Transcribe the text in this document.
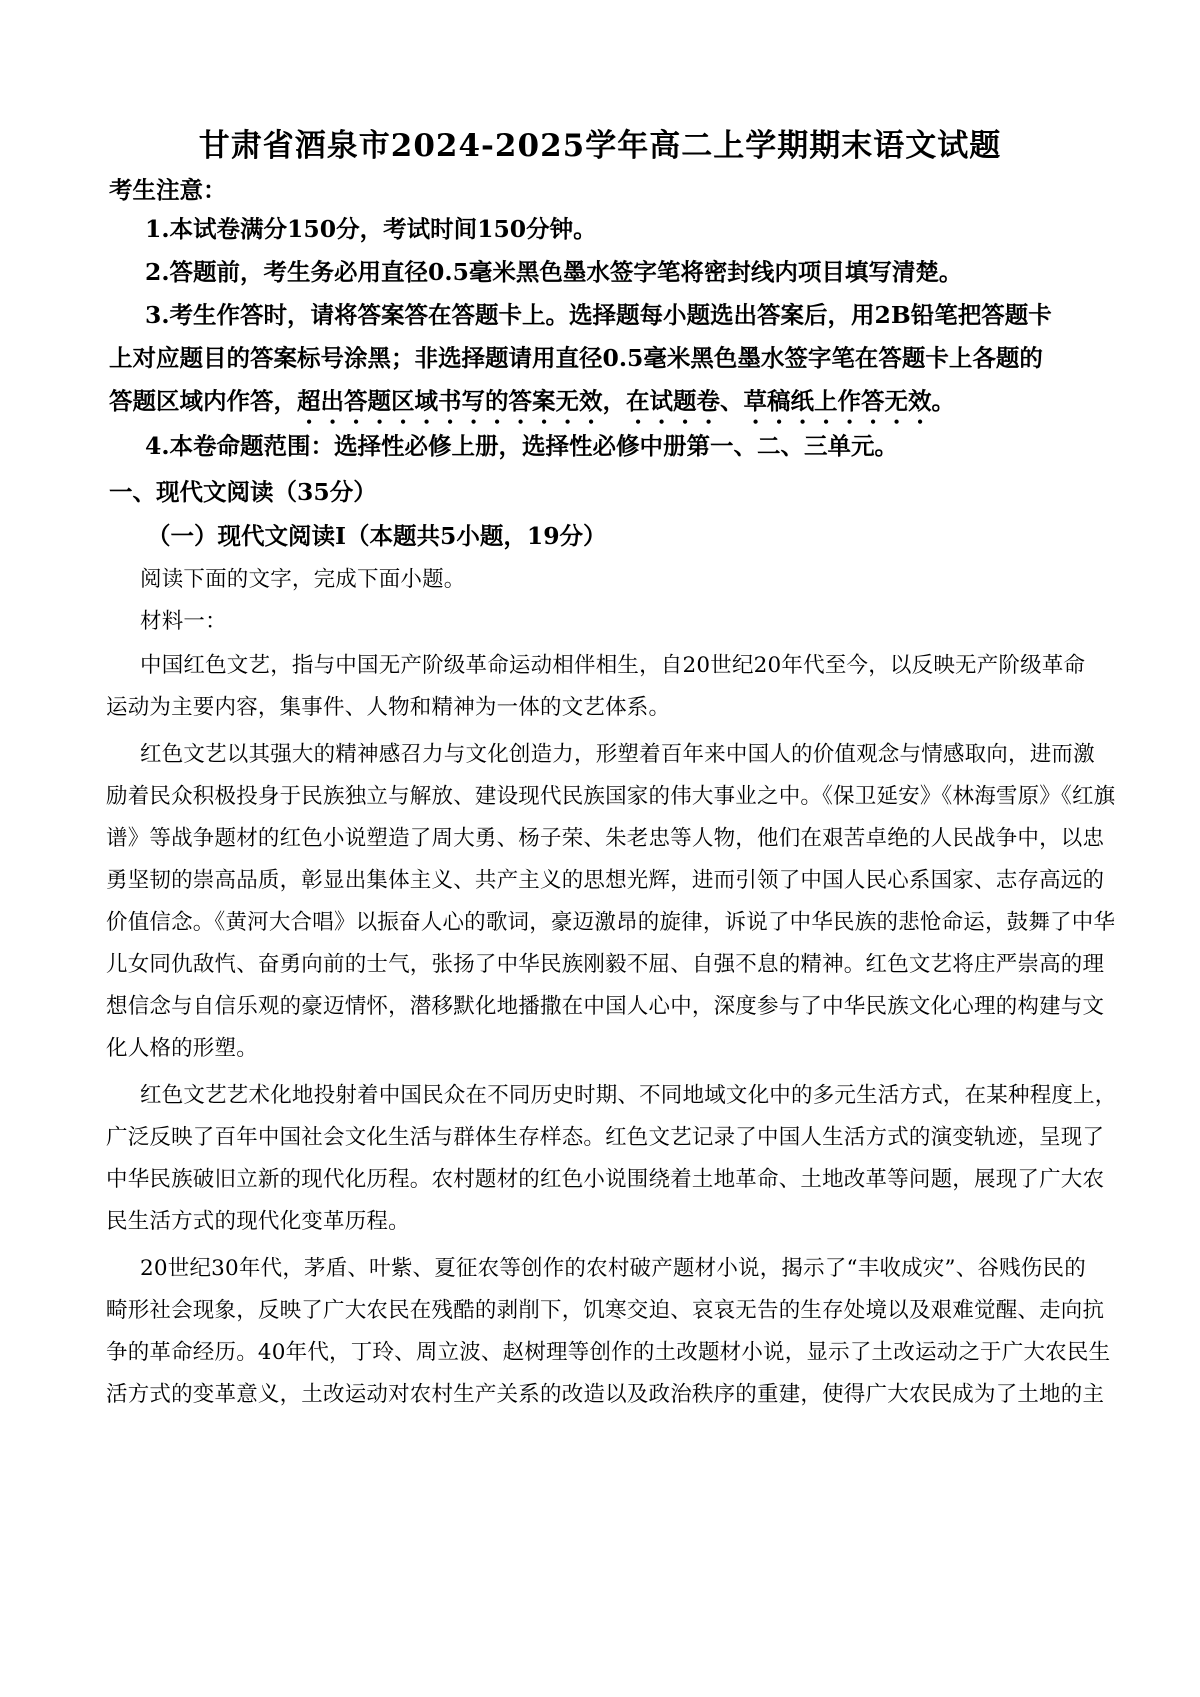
甘肃省酒泉市2024-2025学年高二上学期期末语文试题
考生注意：
1.本试卷满分150分，考试时间150分钟。
2.答题前，考生务必用直径0.5毫米黑色墨水签字笔将密封线内项目填写清楚。
3.考生作答时，请将答案答在答题卡上。选择题每小题选出答案后，用2B铅笔把答题卡
上对应题目的答案标号涂黑；非选择题请用直径0.5毫米黑色墨水签字笔在答题卡上各题的
答题区域内作答，超出答题区域书写的答案无效，在试题卷、草稿纸上作答无效。
4.本卷命题范围：选择性必修上册，选择性必修中册第一、二、三单元。
一、现代文阅读（35分）
（一）现代文阅读Ⅰ（本题共5小题，19分）
阅读下面的文字，完成下面小题。
材料一：
中国红色文艺，指与中国无产阶级革命运动相伴相生，自20世纪20年代至今，以反映无产阶级革命
运动为主要内容，集事件、人物和精神为一体的文艺体系。
红色文艺以其强大的精神感召力与文化创造力，形塑着百年来中国人的价值观念与情感取向，进而激
励着民众积极投身于民族独立与解放、建设现代民族国家的伟大事业之中。《保卫延安》《林海雪原》《红旗
谱》等战争题材的红色小说塑造了周大勇、杨子荣、朱老忠等人物，他们在艰苦卓绝的人民战争中，以忠
勇坚韧的崇高品质，彰显出集体主义、共产主义的思想光辉，进而引领了中国人民心系国家、志存高远的
价值信念。《黄河大合唱》以振奋人心的歌词，豪迈激昂的旋律，诉说了中华民族的悲怆命运，鼓舞了中华
儿女同仇敌忾、奋勇向前的士气，张扬了中华民族刚毅不屈、自强不息的精神。红色文艺将庄严崇高的理
想信念与自信乐观的豪迈情怀，潜移默化地播撒在中国人心中，深度参与了中华民族文化心理的构建与文
化人格的形塑。
红色文艺艺术化地投射着中国民众在不同历史时期、不同地域文化中的多元生活方式，在某种程度上，
广泛反映了百年中国社会文化生活与群体生存样态。红色文艺记录了中国人生活方式的演变轨迹，呈现了
中华民族破旧立新的现代化历程。农村题材的红色小说围绕着土地革命、土地改革等问题，展现了广大农
民生活方式的现代化变革历程。
20世纪30年代，茅盾、叶紫、夏征农等创作的农村破产题材小说，揭示了“丰收成灾”、谷贱伤民的
畸形社会现象，反映了广大农民在残酷的剥削下，饥寒交迫、哀哀无告的生存处境以及艰难觉醒、走向抗
争的革命经历。40年代，丁玲、周立波、赵树理等创作的土改题材小说，显示了土改运动之于广大农民生
活方式的变革意义，土改运动对农村生产关系的改造以及政治秩序的重建，使得广大农民成为了土地的主
